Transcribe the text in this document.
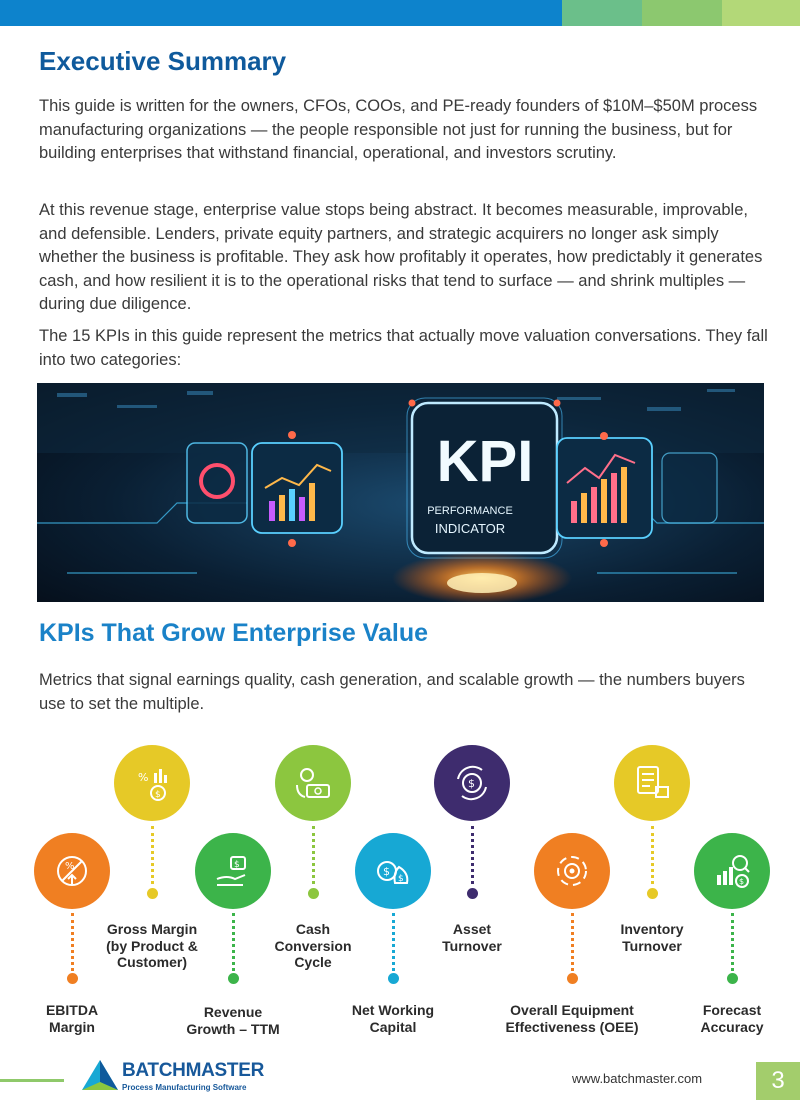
Executive Summary

This guide is written for the owners, CFOs, COOs, and PE-ready founders of $10M–$50M process manufacturing organizations — the people responsible not just for running the business, but for building enterprises that withstand financial, operational, and investors scrutiny.

At this revenue stage, enterprise value stops being abstract. It becomes measurable, improvable, and defensible. Lenders, private equity partners, and strategic acquirers no longer ask simply whether the business is profitable. They ask how profitably it operates, how predictably it generates cash, and how resilient it is to the operational risks that tend to surface — and shrink multiples — during due diligence.

The 15 KPIs in this guide represent the metrics that actually move valuation conversations. They fall into two categories:

KPI
PERFORMANCE
INDICATOR
KPIs That Grow Enterprise Value

Metrics that signal earnings quality, cash generation, and scalable growth — the numbers buyers use to set the multiple.

%
EBITDA
Margin
%
$
Gross Margin
(by Product &
Customer)
$
Revenue
Growth – TTM
Cash
Conversion
Cycle
$
$
Net Working
Capital
$
Asset
Turnover
Overall Equipment
Effectiveness (OEE)
Inventory
Turnover
$
Forecast
Accuracy
BATCHMASTER
Process Manufacturing Software
www.batchmaster.com	3
